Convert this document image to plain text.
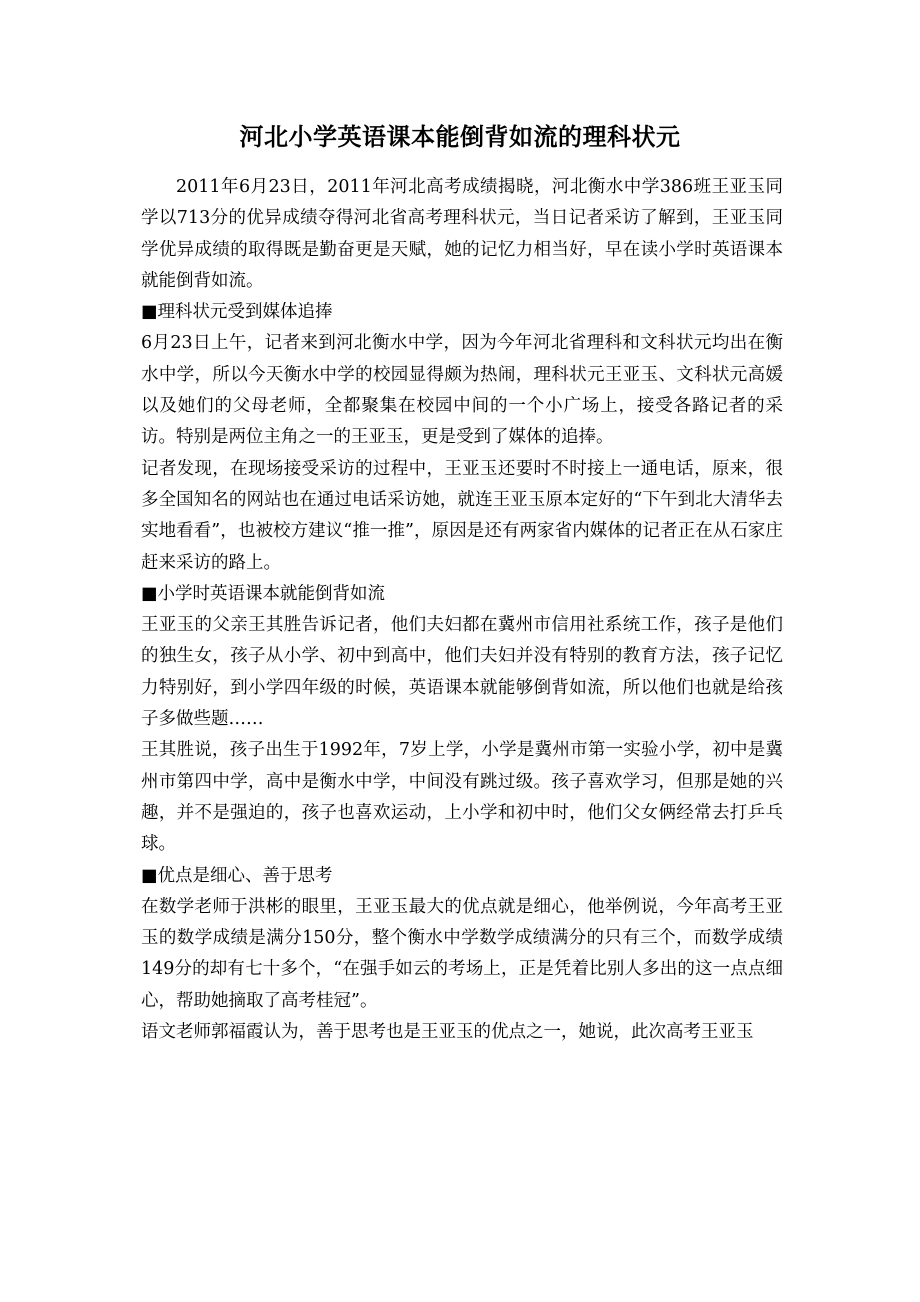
河北小学英语课本能倒背如流的理科状元

2011年6月23日，2011年河北高考成绩揭晓，河北衡水中学386班王亚玉同学以713分的优异成绩夺得河北省高考理科状元，当日记者采访了解到，王亚玉同学优异成绩的取得既是勤奋更是天赋，她的记忆力相当好，早在读小学时英语课本就能倒背如流。

■理科状元受到媒体追捧

6月23日上午，记者来到河北衡水中学，因为今年河北省理科和文科状元均出在衡水中学，所以今天衡水中学的校园显得颇为热闹，理科状元王亚玉、文科状元高媛以及她们的父母老师，全都聚集在校园中间的一个小广场上，接受各路记者的采访。特别是两位主角之一的王亚玉，更是受到了媒体的追捧。

记者发现，在现场接受采访的过程中，王亚玉还要时不时接上一通电话，原来，很多全国知名的网站也在通过电话采访她，就连王亚玉原本定好的“下午到北大清华去实地看看”，也被校方建议“推一推”，原因是还有两家省内媒体的记者正在从石家庄赶来采访的路上。

■小学时英语课本就能倒背如流

王亚玉的父亲王其胜告诉记者，他们夫妇都在冀州市信用社系统工作，孩子是他们的独生女，孩子从小学、初中到高中，他们夫妇并没有特别的教育方法，孩子记忆力特别好，到小学四年级的时候，英语课本就能够倒背如流，所以他们也就是给孩子多做些题……

王其胜说，孩子出生于1992年，7岁上学，小学是冀州市第一实验小学，初中是冀州市第四中学，高中是衡水中学，中间没有跳过级。孩子喜欢学习，但那是她的兴趣，并不是强迫的，孩子也喜欢运动，上小学和初中时，他们父女俩经常去打乒乓球。

■优点是细心、善于思考

在数学老师于洪彬的眼里，王亚玉最大的优点就是细心，他举例说，今年高考王亚玉的数学成绩是满分150分，整个衡水中学数学成绩满分的只有三个，而数学成绩149分的却有七十多个，“在强手如云的考场上，正是凭着比别人多出的这一点点细心，帮助她摘取了高考桂冠”。

语文老师郭福霞认为，善于思考也是王亚玉的优点之一，她说，此次高考王亚玉
